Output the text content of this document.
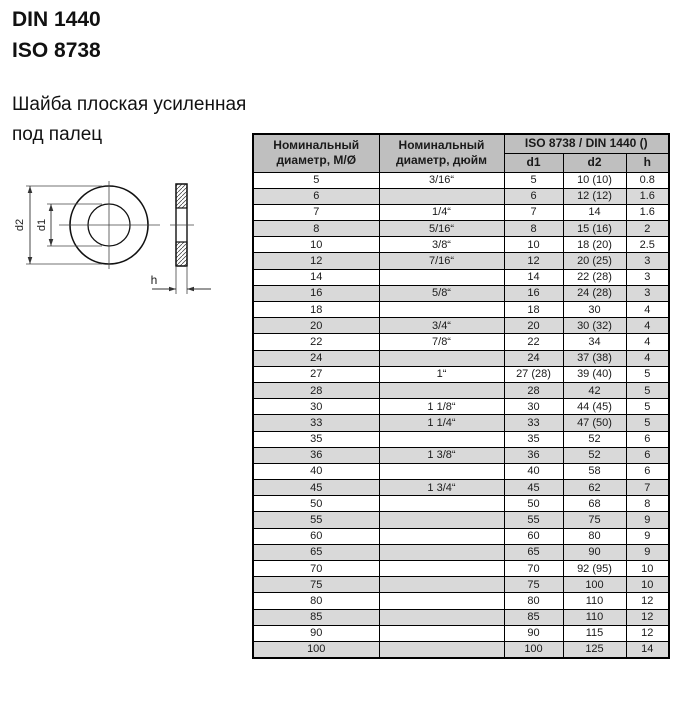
DIN 1440
ISO 8738
Шайба плоская усиленная
под палец
d2 d1
h
Номинальный диаметр, М/Ø	Номинальный диаметр, дюйм	ISO 8738 / DIN 1440 ()		
		d1	d2	h
5	3/16“	5	10 (10)	0.8
6		6	12 (12)	1.6
7	1/4“	7	14	1.6
8	5/16“	8	15 (16)	2
10	3/8“	10	18 (20)	2.5
12	7/16“	12	20 (25)	3
14		14	22 (28)	3
16	5/8“	16	24 (28)	3
18		18	30	4
20	3/4“	20	30 (32)	4
22	7/8“	22	34	4
24		24	37 (38)	4
27	1“	27 (28)	39 (40)	5
28		28	42	5
30	1 1/8“	30	44 (45)	5
33	1 1/4“	33	47 (50)	5
35		35	52	6
36	1 3/8“	36	52	6
40		40	58	6
45	1 3/4“	45	62	7
50		50	68	8
55		55	75	9
60		60	80	9
65		65	90	9
70		70	92 (95)	10
75		75	100	10
80		80	110	12
85		85	110	12
90		90	115	12
100		100	125	14
